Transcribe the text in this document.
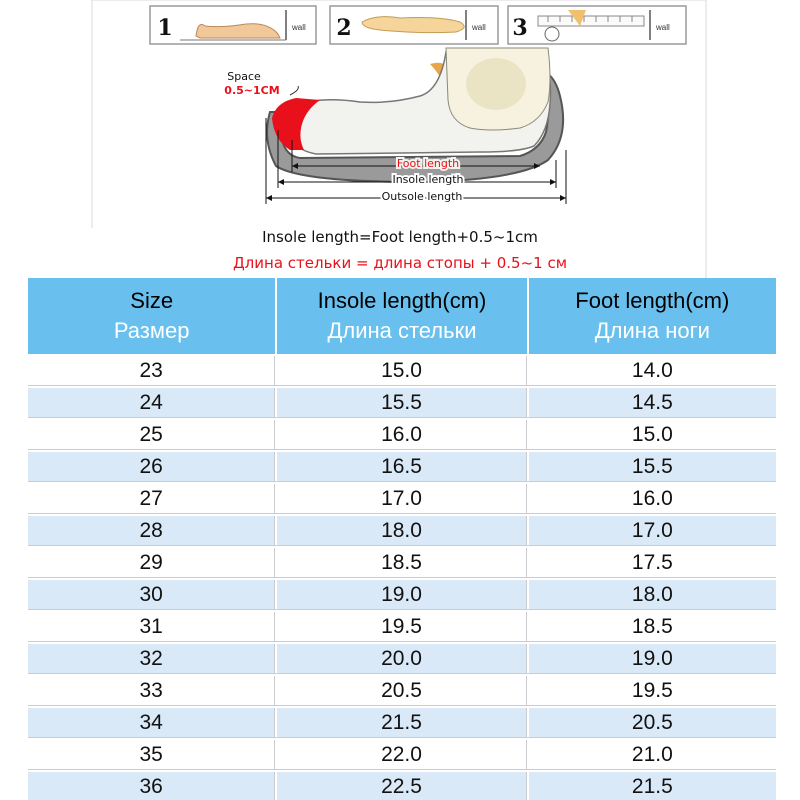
1	wall 2	wall 3	wall
Space
0.5~1CM
Foot length
Insole length
Outsole length
Insole length=Foot length+0.5~1cm
Длина стельки = длина стопы + 0.5~1 см
Size
Размер
Insole length(cm)
Длина стельки
Foot length(cm)
Длина ноги
23	15.0	14.0
24	15.5	14.5
25	16.0	15.0
26	16.5	15.5
27	17.0	16.0
28	18.0	17.0
29	18.5	17.5
30	19.0	18.0
31	19.5	18.5
32	20.0	19.0
33	20.5	19.5
34	21.5	20.5
35	22.0	21.0
36	22.5	21.5
